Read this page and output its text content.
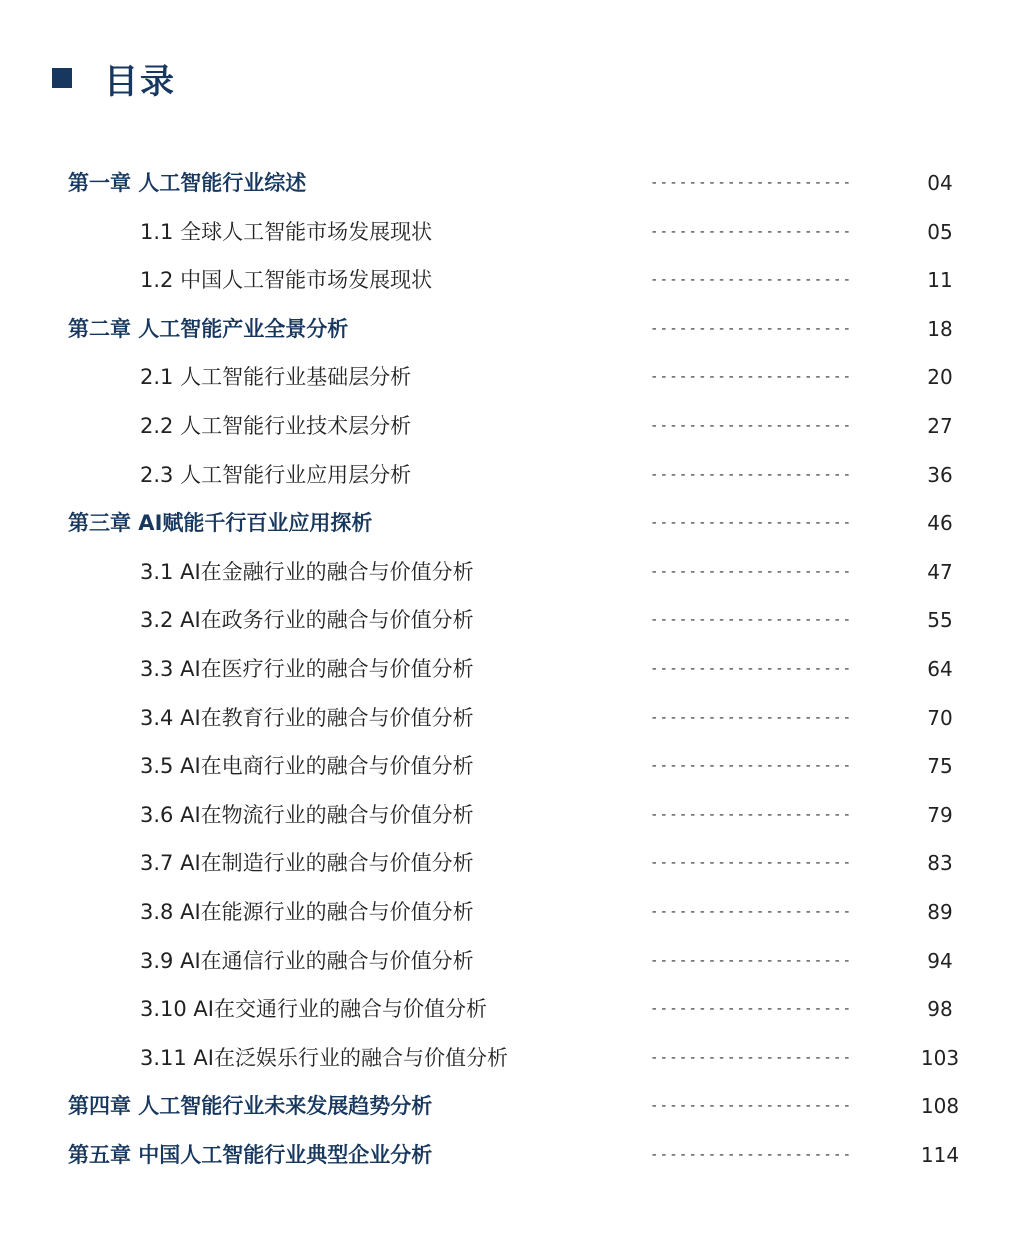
目录
第一章 人工智能行业综述	---------------------	04
1.1 全球人工智能市场发展现状	---------------------	05
1.2 中国人工智能市场发展现状	---------------------	11
第二章 人工智能产业全景分析	---------------------	18
2.1 人工智能行业基础层分析	---------------------	20
2.2 人工智能行业技术层分析	---------------------	27
2.3 人工智能行业应用层分析	---------------------	36
第三章 AI赋能千行百业应用探析	---------------------	46
3.1 AI在金融行业的融合与价值分析	---------------------	47
3.2 AI在政务行业的融合与价值分析	---------------------	55
3.3 AI在医疗行业的融合与价值分析	---------------------	64
3.4 AI在教育行业的融合与价值分析	---------------------	70
3.5 AI在电商行业的融合与价值分析	---------------------	75
3.6 AI在物流行业的融合与价值分析	---------------------	79
3.7 AI在制造行业的融合与价值分析	---------------------	83
3.8 AI在能源行业的融合与价值分析	---------------------	89
3.9 AI在通信行业的融合与价值分析	---------------------	94
3.10 AI在交通行业的融合与价值分析	---------------------	98
3.11 AI在泛娱乐行业的融合与价值分析	---------------------	103
第四章 人工智能行业未来发展趋势分析	---------------------	108
第五章 中国人工智能行业典型企业分析	---------------------	114
